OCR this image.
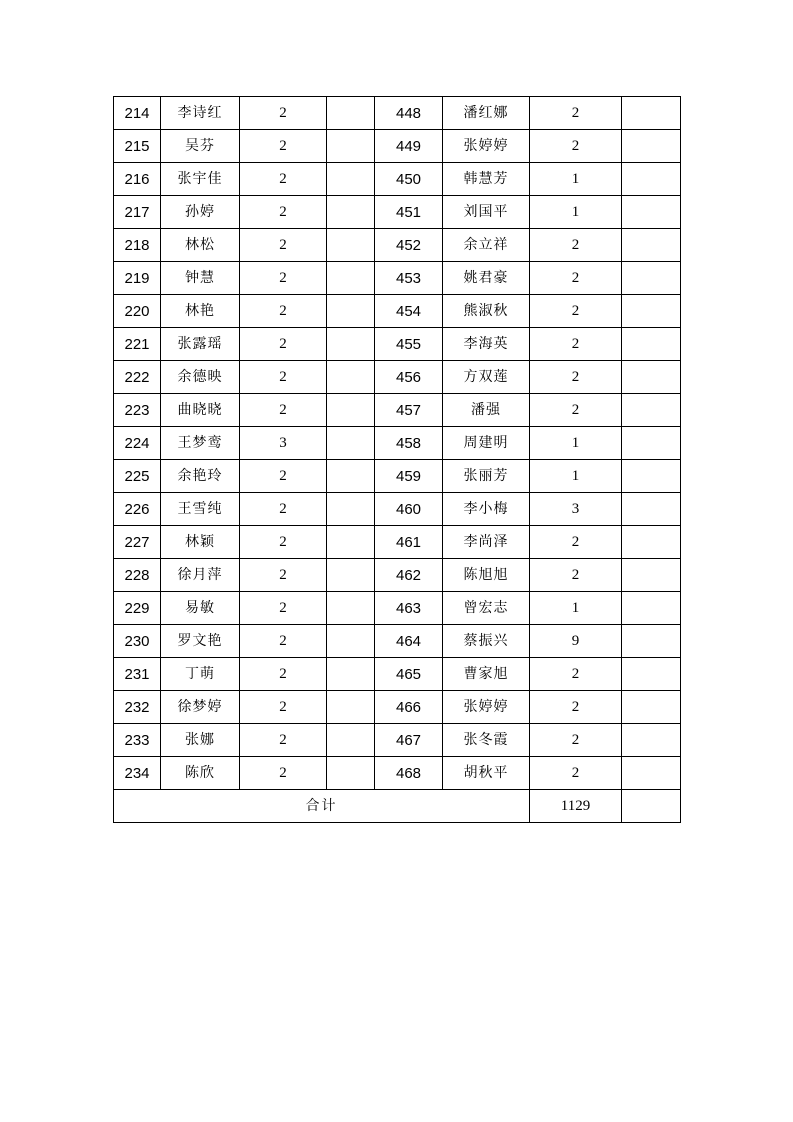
214	李诗红	2		448	潘红娜	2	
215	吴芬	2		449	张婷婷	2	
216	张宇佳	2		450	韩慧芳	1	
217	孙婷	2		451	刘国平	1	
218	林松	2		452	余立祥	2	
219	钟慧	2		453	姚君豪	2	
220	林艳	2		454	熊淑秋	2	
221	张露瑶	2		455	李海英	2	
222	余德映	2		456	方双莲	2	
223	曲晓晓	2		457	潘强	2	
224	王梦鸾	3		458	周建明	1	
225	余艳玲	2		459	张丽芳	1	
226	王雪纯	2		460	李小梅	3	
227	林颖	2		461	李尚泽	2	
228	徐月萍	2		462	陈旭旭	2	
229	易敏	2		463	曾宏志	1	
230	罗文艳	2		464	蔡振兴	9	
231	丁萌	2		465	曹家旭	2	
232	徐梦婷	2		466	张婷婷	2	
233	张娜	2		467	张冬霞	2	
234	陈欣	2		468	胡秋平	2	
合计						1129	
